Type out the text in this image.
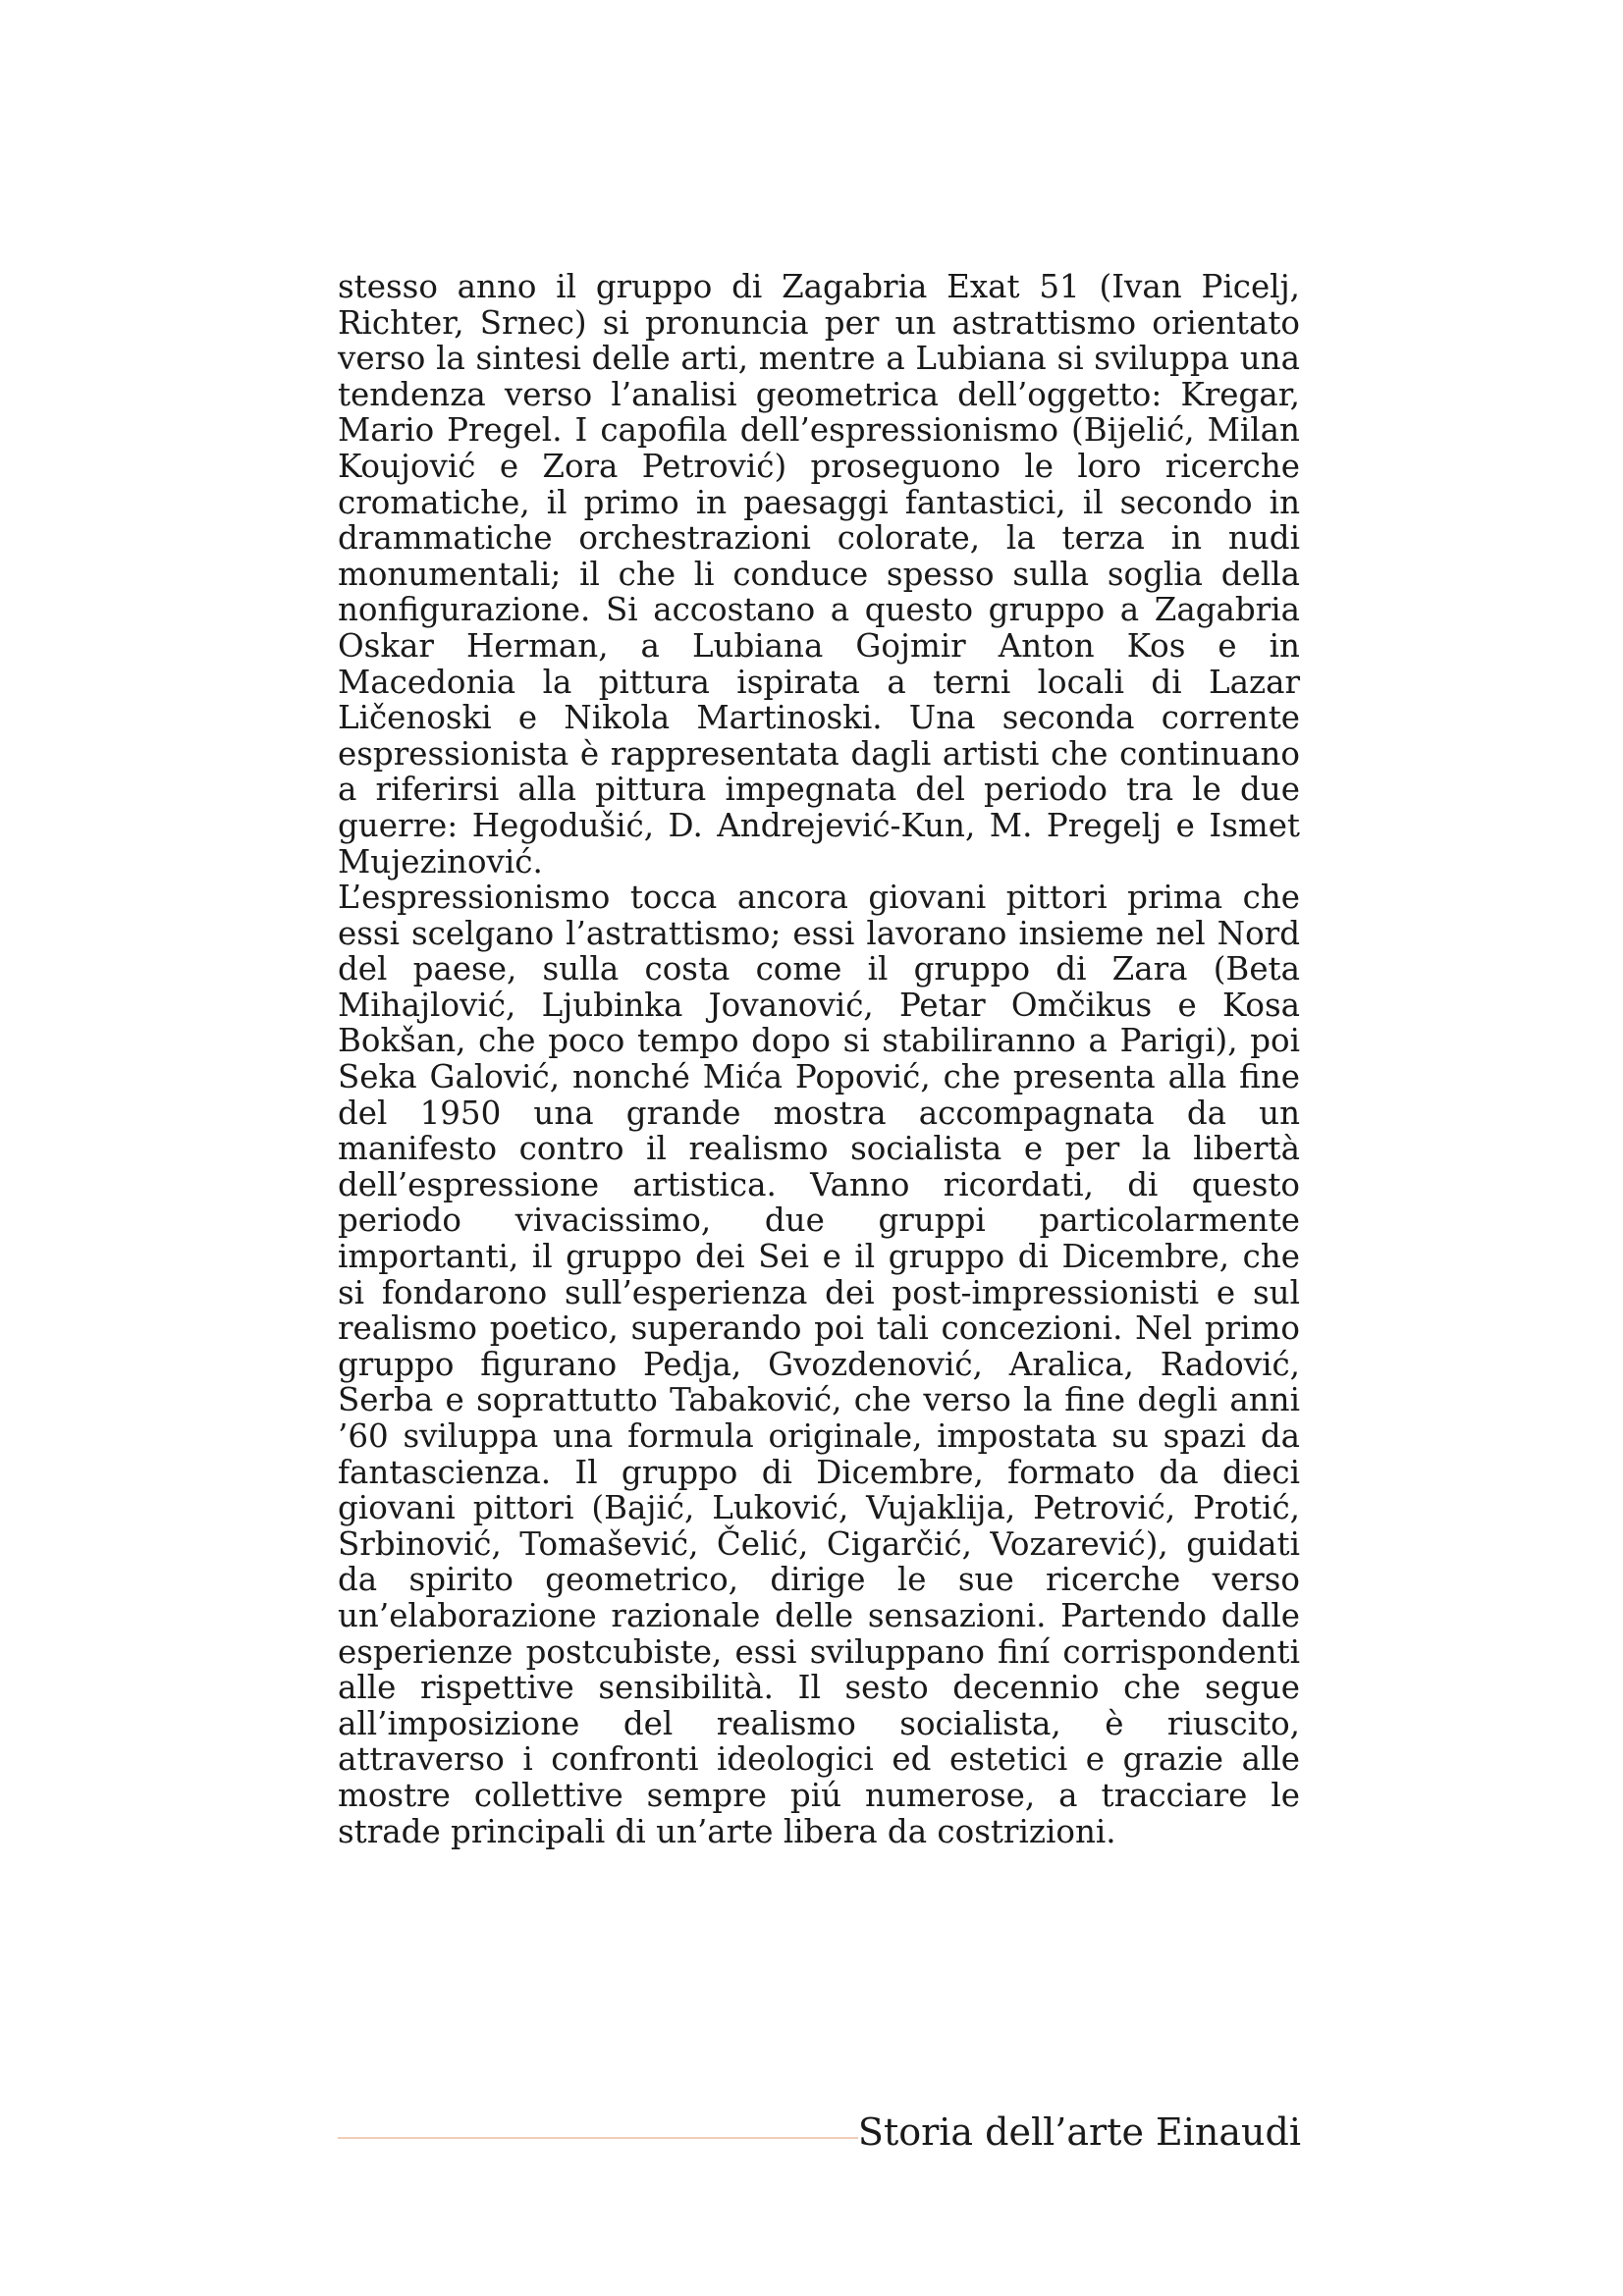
stesso anno il gruppo di Zagabria Exat 51 (Ivan Picelj, Richter, Srnec) si pronuncia per un astrattismo orientato verso la sintesi delle arti, mentre a Lubiana si sviluppa una tendenza verso l’analisi geometrica dell’oggetto: Kregar, Mario Pregel. I capofila dell’espressionismo (Bijelić, Milan Koujović e Zora Petrović) proseguono le loro ricerche cromatiche, il primo in paesaggi fantastici, il secondo in drammatiche orchestrazioni colorate, la terza in nudi monumentali; il che li conduce spesso sulla soglia della nonfigurazione. Si accostano a questo gruppo a Zagabria Oskar Herman, a Lubiana Gojmir Anton Kos e in Macedonia la pittura ispirata a terni locali di Lazar Ličenoski e Nikola Martinoski. Una seconda corrente espressionista è rappresentata dagli artisti che continuano a riferirsi alla pittura impegnata del periodo tra le due guerre: Hegodušić, D. Andrejević-Kun, M. Pregelj e Ismet Mujezinović.

L’espressionismo tocca ancora giovani pittori prima che essi scelgano l’astrattismo; essi lavorano insieme nel Nord del paese, sulla costa come il gruppo di Zara (Beta Mihajlović, Ljubinka Jovanović, Petar Omčikus e Kosa Bokšan, che poco tempo dopo si stabiliranno a Parigi), poi Seka Galović, nonché Mića Popović, che presenta alla fine del 1950 una grande mostra accompagnata da un manifesto contro il realismo socialista e per la libertà dell’espressione artistica. Vanno ricordati, di questo periodo vivacissimo, due gruppi particolarmente importanti, il gruppo dei Sei e il gruppo di Dicembre, che si fondarono sull’esperienza dei post-impressionisti e sul realismo poetico, superando poi tali concezioni. Nel primo gruppo figurano Pedja, Gvozdenović, Aralica, Radović, Serba e soprattutto Tabaković, che verso la fine degli anni ’60 sviluppa una formula originale, impostata su spazi da fantascienza. Il gruppo di Dicembre, formato da dieci giovani pittori (Bajić, Luković, Vujaklija, Petrović, Protić, Srbinović, Tomašević, Čelić, Cigarčić, Vozarević), guidati da spirito geometrico, dirige le sue ricerche verso un’elaborazione razionale delle sensazioni. Partendo dalle esperienze postcubiste, essi sviluppano finí corrispondenti alle rispettive sensibilità. Il sesto decennio che segue all’imposizione del realismo socialista, è riuscito, attraverso i confronti ideologici ed estetici e grazie alle mostre collettive sempre piú numerose, a tracciare le strade principali di un’arte libera da costrizioni.

Storia dell’arte Einaudi
